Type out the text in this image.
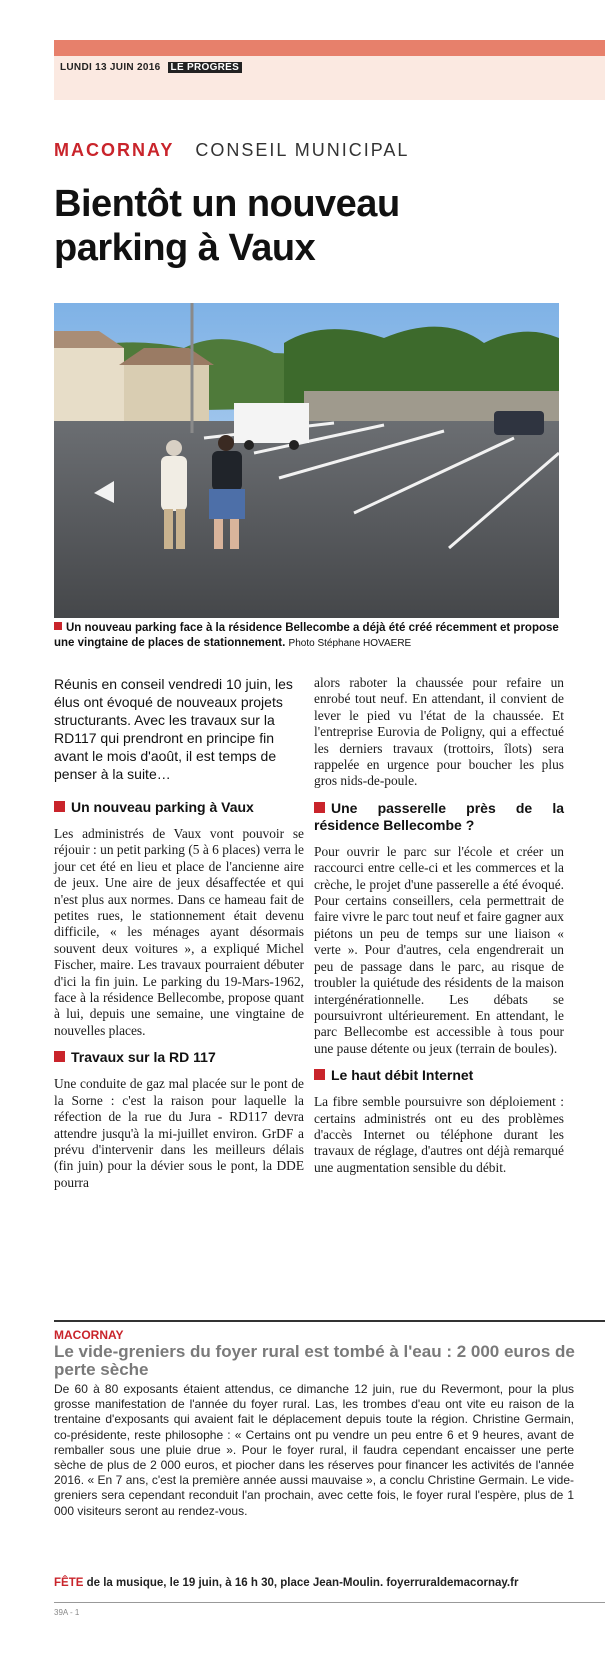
LUNDI 13 JUIN 2016 LE PROGRÈS
MACORNAY CONSEIL MUNICIPAL
Bientôt un nouveau
parking à Vaux
Un nouveau parking face à la résidence Bellecombe a déjà été créé récemment et propose une vingtaine de places de stationnement. Photo Stéphane HOVAERE

Réunis en conseil vendredi 10 juin, les élus ont évoqué de nouveaux projets structurants. Avec les travaux sur la RD117 qui prendront en principe fin avant le mois d'août, il est temps de penser à la suite…

Un nouveau parking à Vaux

Les administrés de Vaux vont pouvoir se réjouir : un petit parking (5 à 6 places) verra le jour cet été en lieu et place de l'ancienne aire de jeux. Une aire de jeux désaffectée et qui n'est plus aux normes. Dans ce hameau fait de petites rues, le stationnement était devenu difficile, « les ménages ayant désormais souvent deux voitures », a expliqué Michel Fischer, maire. Les travaux pourraient débuter d'ici la fin juin. Le parking du 19-Mars-1962, face à la résidence Bellecombe, propose quant à lui, depuis une semaine, une vingtaine de nouvelles places.

Travaux sur la RD 117

Une conduite de gaz mal placée sur le pont de la Sorne : c'est la raison pour laquelle la réfection de la rue du Jura - RD117 devra attendre jusqu'à la mi-juillet environ. GrDF a prévu d'intervenir dans les meilleurs délais (fin juin) pour la dévier sous le pont, la DDE pourra

alors raboter la chaussée pour refaire un enrobé tout neuf. En attendant, il convient de lever le pied vu l'état de la chaussée. Et l'entreprise Eurovia de Poligny, qui a effectué les derniers travaux (trottoirs, îlots) sera rappelée en urgence pour boucher les plus gros nids-de-poule.

Une passerelle près de la résidence Bellecombe ?

Pour ouvrir le parc sur l'école et créer un raccourci entre celle-ci et les commerces et la crèche, le projet d'une passerelle a été évoqué. Pour certains conseillers, cela permettrait de faire vivre le parc tout neuf et faire gagner aux piétons un peu de temps sur une liaison « verte ». Pour d'autres, cela engendrerait un peu de passage dans le parc, au risque de troubler la quiétude des résidents de la maison intergénérationnelle. Les débats se poursuivront ultérieurement. En attendant, le parc Bellecombe est accessible à tous pour une pause détente ou jeux (terrain de boules).

Le haut débit Internet

La fibre semble poursuivre son déploiement : certains administrés ont eu des problèmes d'accès Internet ou téléphone durant les travaux de réglage, d'autres ont déjà remarqué une augmentation sensible du débit.

MACORNAY
Le vide-greniers du foyer rural est tombé à l'eau : 2 000 euros de perte sèche

De 60 à 80 exposants étaient attendus, ce dimanche 12 juin, rue du Revermont, pour la plus grosse manifestation de l'année du foyer rural. Las, les trombes d'eau ont vite eu raison de la trentaine d'exposants qui avaient fait le déplacement depuis toute la région. Christine Germain, co-présidente, reste philosophe : « Certains ont pu vendre un peu entre 6 et 9 heures, avant de remballer sous une pluie drue ». Pour le foyer rural, il faudra cependant encaisser une perte sèche de plus de 2 000 euros, et piocher dans les réserves pour financer les activités de l'année 2016. « En 7 ans, c'est la première année aussi mauvaise », a conclu Christine Germain. Le vide-greniers sera cependant reconduit l'an prochain, avec cette fois, le foyer rural l'espère, plus de 1 000 visiteurs seront au rendez-vous.

FÊTE de la musique, le 19 juin, à 16 h 30, place Jean-Moulin. foyerruraldemacornay.fr
39A - 1
